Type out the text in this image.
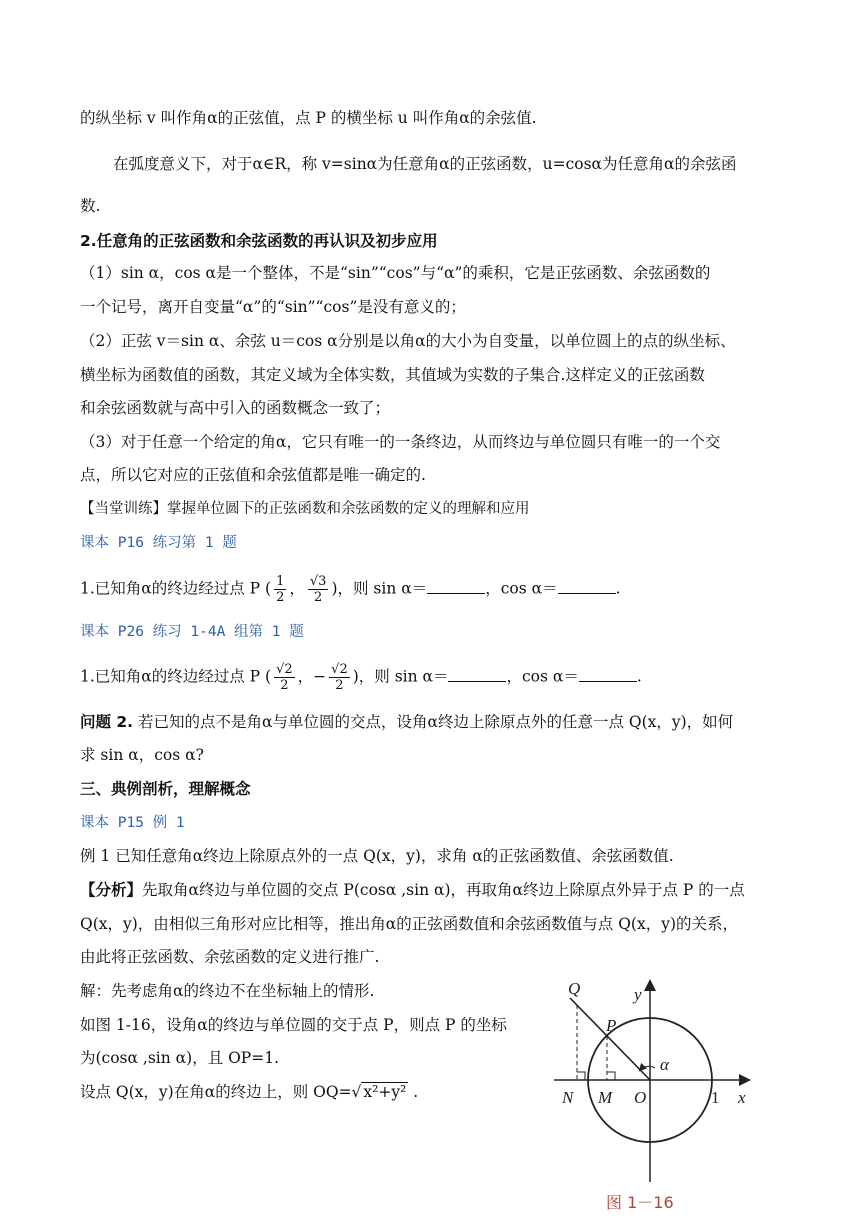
的纵坐标 v 叫作角α的正弦值，点 P 的横坐标 u 叫作角α的余弦值.
在弧度意义下，对于α∈R，称 v=sinα为任意角α的正弦函数，u=cosα为任意角α的余弦函
数.
2.任意角的正弦函数和余弦函数的再认识及初步应用
（1）sin α，cos α是一个整体，不是“sin”“cos”与“α”的乘积，它是正弦函数、余弦函数的
一个记号，离开自变量“α”的“sin”“cos”是没有意义的；
（2）正弦 v＝sin α、余弦 u＝cos α分别是以角α的大小为自变量，以单位圆上的点的纵坐标、
横坐标为函数值的函数，其定义域为全体实数，其值域为实数的子集合.这样定义的正弦函数
和余弦函数就与高中引入的函数概念一致了；
（3）对于任意一个给定的角α，它只有唯一的一条终边，从而终边与单位圆只有唯一的一个交
点，所以它对应的正弦值和余弦值都是唯一确定的.
【当堂训练】掌握单位圆下的正弦函数和余弦函数的定义的理解和应用
课本 P16 练习第 1 题
1.已知角α的终边经过点 P ( $\frac{1}{2}$ ， $\frac{√3}{2}$ )，则 sin α＝	，cos α＝	.
课本 P26 练习 1-4A 组第 1 题
1.已知角α的终边经过点 P ( $\frac{√2}{2}$ ，− $\frac{√2}{2}$ )，则 sin α＝	，cos α＝	.
问题 2. 若已知的点不是角α与单位圆的交点，设角α终边上除原点外的任意一点 Q(x，y)，如何
求 sin α，cos α?
三、典例剖析，理解概念
课本 P15 例 1
例 1 已知任意角α终边上除原点外的一点 Q(x，y)，求角 α的正弦函数值、余弦函数值.
【分析】先取角α终边与单位圆的交点 P(cosα ,sin α)，再取角α终边上除原点外异于点 P 的一点
Q(x，y)，由相似三角形对应比相等，推出角α的正弦函数值和余弦函数值与点 Q(x，y)的关系，
由此将正弦函数、余弦函数的定义进行推广.
解：先考虑角α的终边不在坐标轴上的情形.
如图 1-16，设角α的终边与单位圆的交于点 P，则点 P 的坐标
为(cosα ,sin α)，且 OP=1.
设点 Q(x，y)在角α的终边上，则 OQ=√ x²+y² .
Q	y
P
α
N M O	x
1
图 1－16
